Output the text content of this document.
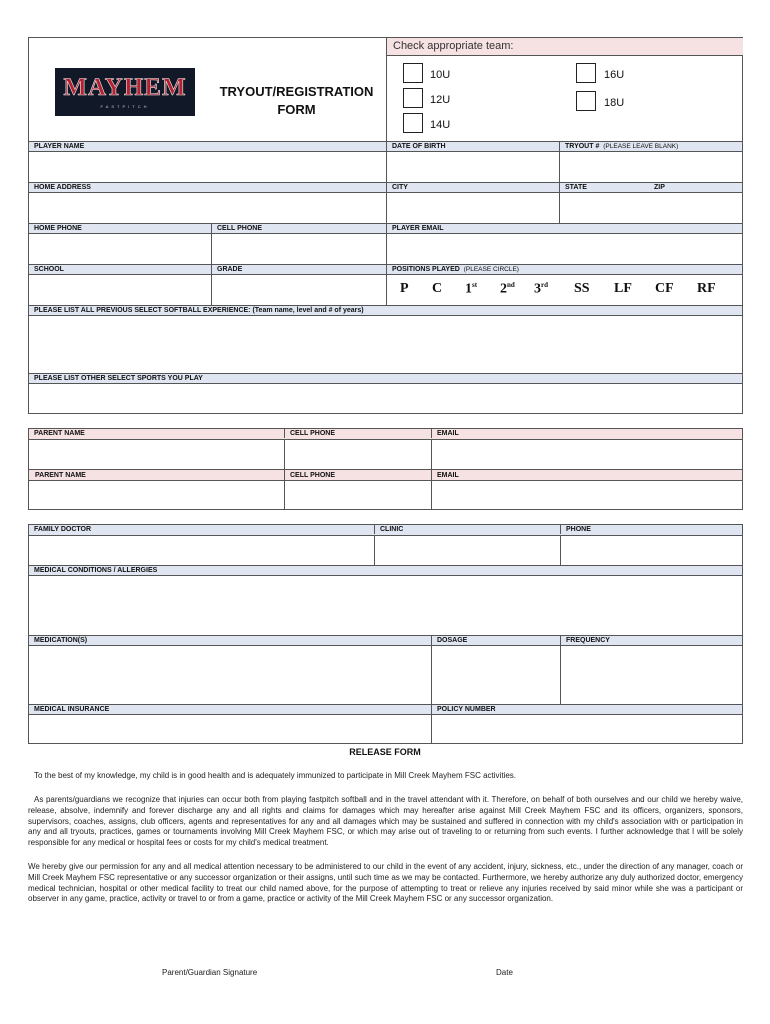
MAYHEM
FASTPITCH
TRYOUT/REGISTRATION
FORM
Check appropriate team:
10U
12U
14U
16U
18U
PLAYER NAME	DATE OF BIRTH	TRYOUT # (PLEASE LEAVE BLANK)
HOME ADDRESS	CITY	STATE	ZIP
HOME PHONE	CELL PHONE	PLAYER EMAIL
SCHOOL	GRADE	POSITIONS PLAYED (PLEASE CIRCLE)
P C 1st 2nd 3rd SS LF CF RF
PLEASE LIST ALL PREVIOUS SELECT SOFTBALL EXPERIENCE: (Team name, level and # of years)
PLEASE LIST OTHER SELECT SPORTS YOU PLAY
PARENT NAME	CELL PHONE	EMAIL
PARENT NAME	CELL PHONE	EMAIL
FAMILY DOCTOR	CLINIC	PHONE
MEDICAL CONDITIONS / ALLERGIES
MEDICATION(S)	DOSAGE	FREQUENCY
MEDICAL INSURANCE	POLICY NUMBER
RELEASE FORM
To the best of my knowledge, my child is in good health and is adequately immunized to participate in Mill Creek Mayhem FSC activities.
As parents/guardians we recognize that injuries can occur both from playing fastpitch softball and in the travel attendant with it. Therefore, on behalf of both ourselves and our child we hereby waive, release, absolve, indemnify and forever discharge any and all rights and claims for damages which may hereafter arise against Mill Creek Mayhem FSC and its officers, organizers, sponsors, supervisors, coaches, assigns, club officers, agents and representatives for any and all damages which may be sustained and suffered in connection with my child's association with or participation in any and all tryouts, practices, games or tournaments involving Mill Creek Mayhem FSC, or which may arise out of traveling to or returning from such events. I further acknowledge that I will be solely responsible for any medical or hospital fees or costs for my child's medical treatment.
We hereby give our permission for any and all medical attention necessary to be administered to our child in the event of any accident, injury, sickness, etc., under the direction of any manager, coach or Mill Creek Mayhem FSC representative or any successor organization or their assigns, until such time as we may be contacted. Furthermore, we hereby authorize any duly authorized doctor, emergency medical technician, hospital or other medical facility to treat our child named above, for the purpose of attempting to treat or relieve any injuries received by said minor while she was a participant or observer in any game, practice, activity or travel to or from a game, practice or activity of the Mill Creek Mayhem FSC or any successor organization.
Parent/Guardian Signature	Date
